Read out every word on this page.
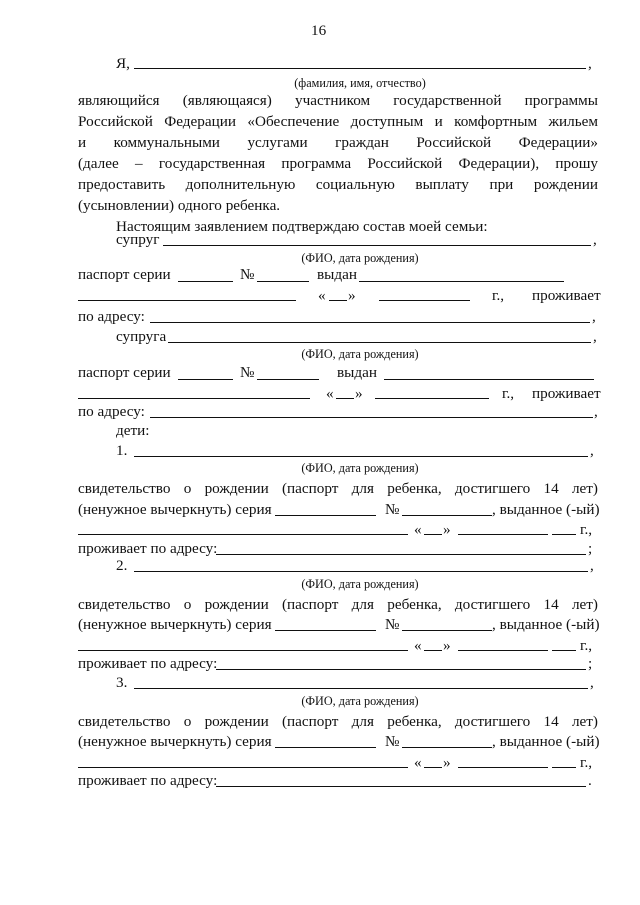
16
Я,	,
(фамилия, имя, отчество)
являющийся (являющаяся) участником государственной программы
Российской Федерации «Обеспечение доступным и комфортным жильем
и коммунальными услугами граждан Российской Федерации»
(далее – государственная программа Российской Федерации), прошу
предоставить дополнительную социальную выплату при рождении
(усыновлении) одного ребенка.
Настоящим заявлением подтверждаю состав моей семьи:
супруг	,
(ФИО, дата рождения)
паспорт серии	№	выдан
« »	г., проживает
по адресу:	,
супруга	,
(ФИО, дата рождения)
паспорт серии	№	выдан
« »	г., проживает
по адресу:	,
дети:
1.	,
(ФИО, дата рождения)
свидетельство о рождении (паспорт для ребенка, достигшего 14 лет)
(ненужное вычеркнуть) серия	№	, выданное (-ый)
« »	г.,
проживает по адресу:	;
2.	,
(ФИО, дата рождения)
свидетельство о рождении (паспорт для ребенка, достигшего 14 лет)
(ненужное вычеркнуть) серия	№	, выданное (-ый)
« »	г.,
проживает по адресу:	;
3.	,
(ФИО, дата рождения)
свидетельство о рождении (паспорт для ребенка, достигшего 14 лет)
(ненужное вычеркнуть) серия	№	, выданное (-ый)
« »	г.,
проживает по адресу:	.
